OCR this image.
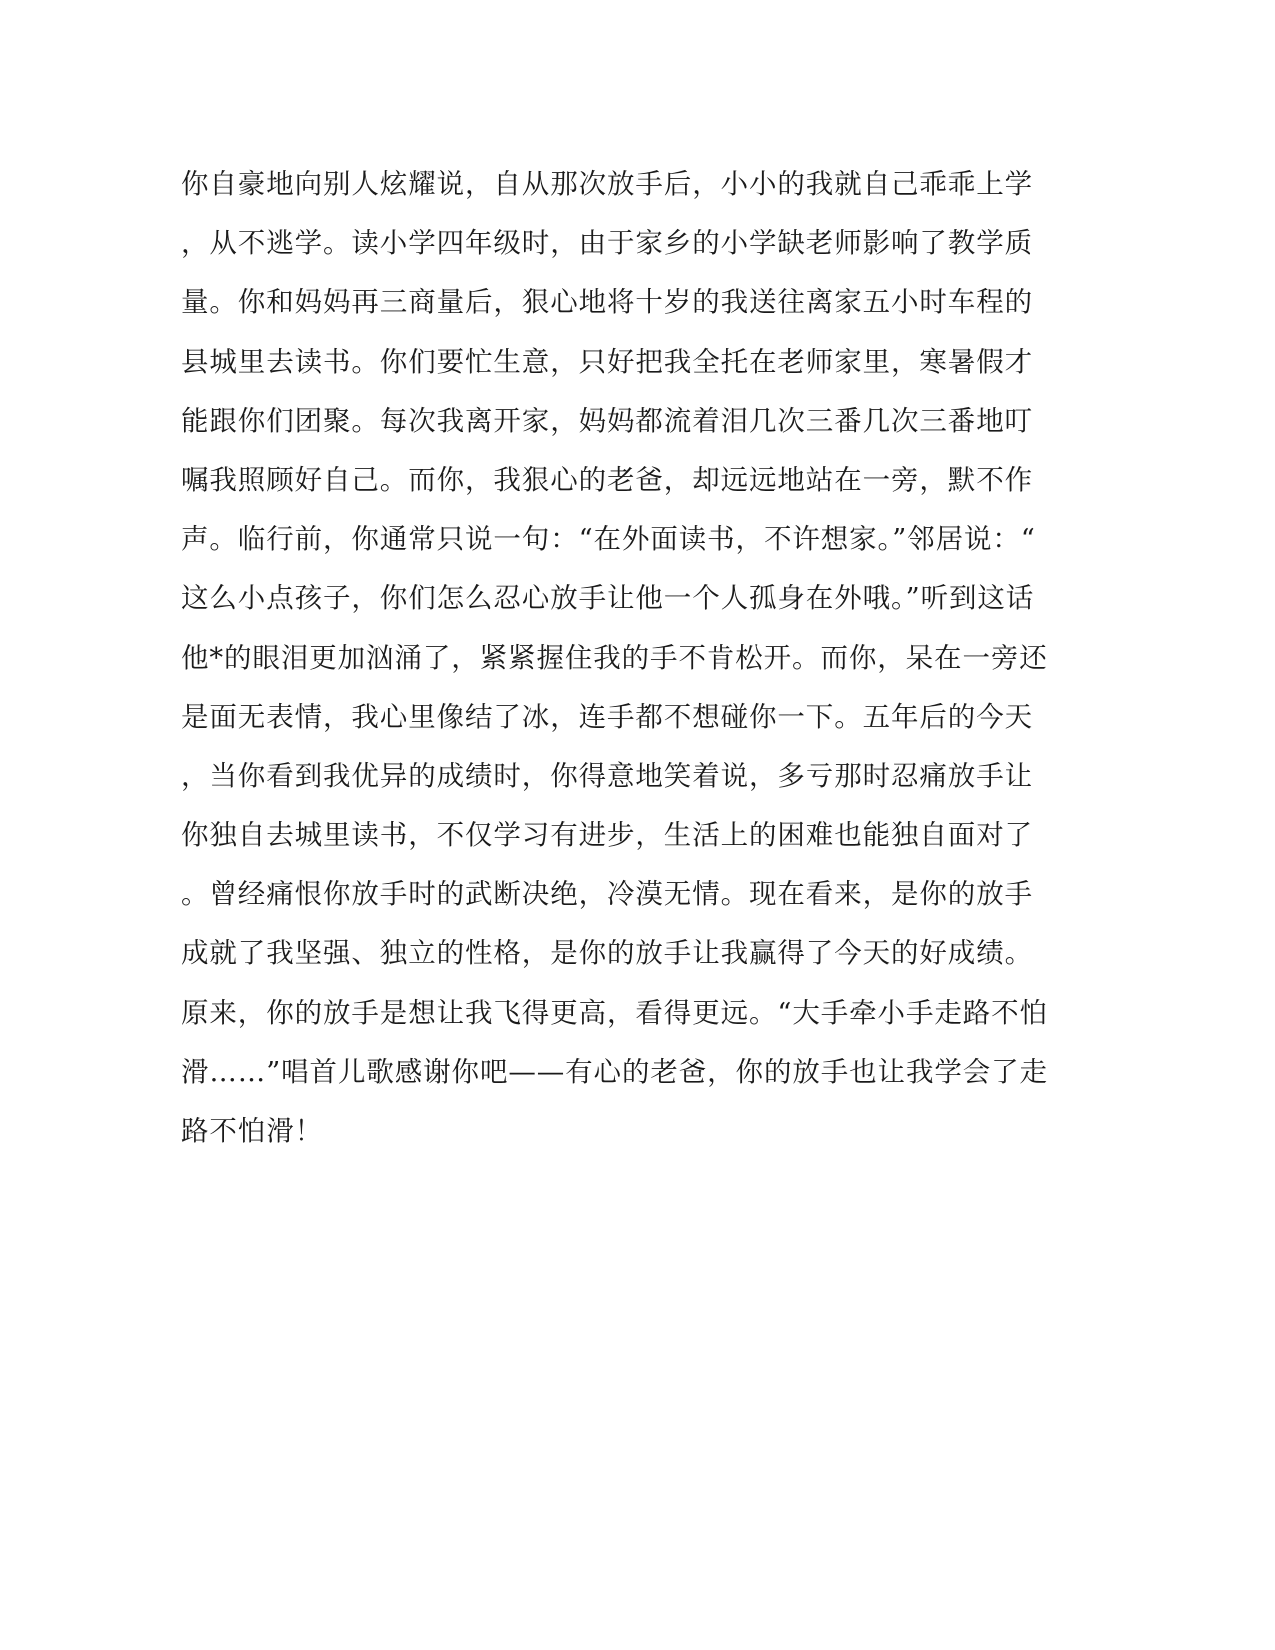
你自豪地向别人炫耀说，自从那次放手后，小小的我就自己乖乖上学
，从不逃学。读小学四年级时，由于家乡的小学缺老师影响了教学质
量。你和妈妈再三商量后，狠心地将十岁的我送往离家五小时车程的
县城里去读书。你们要忙生意，只好把我全托在老师家里，寒暑假才
能跟你们团聚。每次我离开家，妈妈都流着泪几次三番几次三番地叮
嘱我照顾好自己。而你，我狠心的老爸，却远远地站在一旁，默不作
声。临行前，你通常只说一句：“在外面读书，不许想家。”邻居说：“
这么小点孩子，你们怎么忍心放手让他一个人孤身在外哦。”听到这话
他*的眼泪更加汹涌了，紧紧握住我的手不肯松开。而你，呆在一旁还
是面无表情，我心里像结了冰，连手都不想碰你一下。五年后的今天
，当你看到我优异的成绩时，你得意地笑着说，多亏那时忍痛放手让
你独自去城里读书，不仅学习有进步，生活上的困难也能独自面对了
。曾经痛恨你放手时的武断决绝，冷漠无情。现在看来，是你的放手
成就了我坚强、独立的性格，是你的放手让我赢得了今天的好成绩。
原来，你的放手是想让我飞得更高，看得更远。“大手牵小手走路不怕
滑……”唱首儿歌感谢你吧——有心的老爸，你的放手也让我学会了走
路不怕滑！
